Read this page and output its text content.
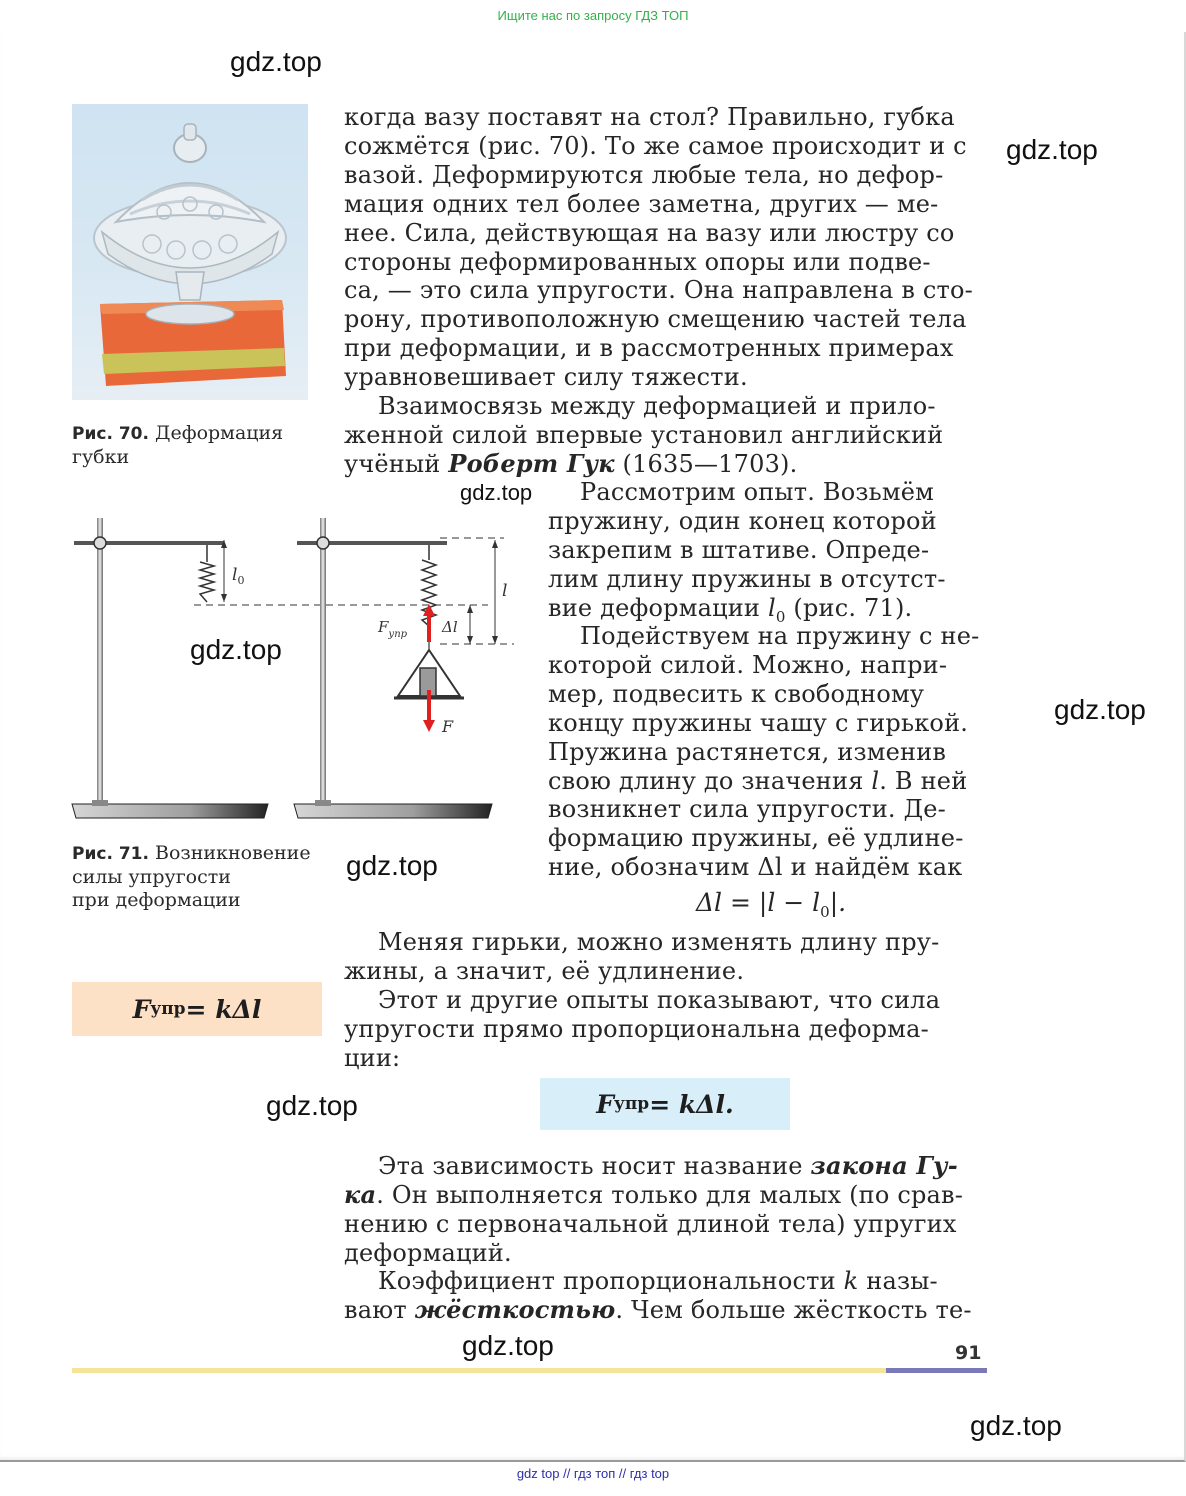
Ищите нас по запросу ГДЗ ТОП
gdz.top
gdz.top
gdz.top
gdz.top
gdz.top
gdz.top
gdz.top
gdz.top
gdz.top
Рис. 70. Деформация
губки

когда вазу поставят на стол? Правильно, губка

сожмётся (рис. 70). То же самое происходит и с

вазой. Деформируются любые тела, но дефор-

мация одних тел более заметна, других — ме-

нее. Сила, действующая на вазу или люстру со

стороны деформированных опоры или подве-

са, — это сила упругости. Она направлена в сто-

рону, противоположную смещению частей тела

при деформации, и в рассмотренных примерах

уравновешивает силу тяжести.

Взаимосвязь между деформацией и прило-

женной силой впервые установил английский

учёный Роберт Гук (1635—1703).

$l_0$
l
Δl
$F_{упр}$
F

Рассмотрим опыт. Возьмём

пружину, один конец которой

закрепим в штативе. Опреде-

лим длину пружины в отсутст-

вие деформации $l_0$ (рис. 71).

Подействуем на пружину с не-

которой силой. Можно, напри-

мер, подвесить к свободному

концу пружины чашу с гирькой.

Пружина растянется, изменив

свою длину до значения l. В ней

возникнет сила упругости. Де-

формацию пружины, её удлине-

ние, обозначим Δl и найдём как

Рис. 71. Возникновение
силы упругости
при деформации	$\Delta l = |l - l_0|$.

Меняя гирьки, можно изменять длину пру-

жины, а значит, её удлинение.

Этот и другие опыты показывают, что сила

упругости прямо пропорциональна деформа-

ции:

F упр = kΔl
F упр = kΔl.

Эта зависимость носит название закона Гу-

ка. Он выполняется только для малых (по срав-

нению с первоначальной длиной тела) упругих

деформаций.

Коэффициент пропорциональности k назы-

вают жёсткостью. Чем больше жёсткость те-

91
gdz top // гдз топ // гдз top
